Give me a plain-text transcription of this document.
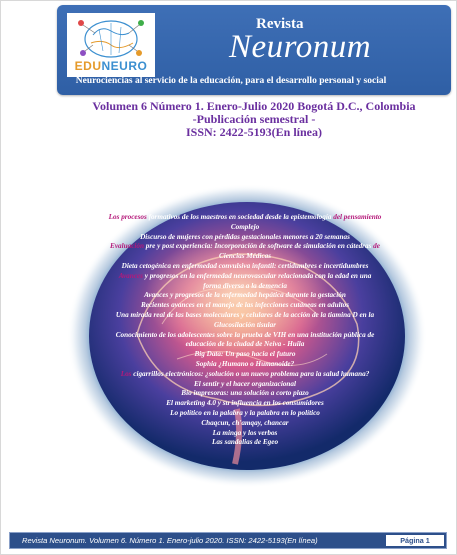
EDUNEURO
Revista
Neuronum
Neurociencias al servicio de la educación, para el desarrollo personal y social
Volumen 6 Número 1. Enero-Julio 2020 Bogotá D.C., Colombia
-Publicación semestral -
ISSN: 2422-5193(En línea)
Los procesos formativos de los maestros en sociedad desde la epistemología del pensamiento
Complejo
Discurso de mujeres con pérdidas gestacionales menores a 20 semanas
Evaluación pre y post experiencia: Incorporación de software de simulación en cátedras de
Ciencias Médicas
Dieta cetogénica en enfermedad convulsiva infantil: certidumbres e incertidumbres
Avances y progresos en la enfermedad neurovascular relacionada con la edad en una
forma diversa a la demencia
Avances y progresos de la enfermedad hepática durante la gestación
Recientes avances en el manejo de las infecciones cutáneas en adultos
Una mirada real de las bases moleculares y celulares de la acción de la tiamina D en la
Glucosilación tisular
Conocimiento de los adolescentes sobre la prueba de VIH en una institución pública de
educación de la ciudad de Neiva - Huila
Big Data: Un paso hacia el futuro
Sophia ¿Humano o Humanoide?
Los cigarrillos electrónicos: ¿solución o un nuevo problema para la salud humana?
El sentir y el hacer organizacional
Bio impresoras: una solución a corto plazo
El marketing 4.0 y su influencia en los consumidores
Lo político en la palabra y la palabra en lo político
Chaqcun, ch'amqay, chancar
La minga y los verbos
Las sandalias de Egeo
Revista Neuronum. Volumen 6. Número 1. Enero-julio 2020. ISSN: 2422-5193(En línea)	Página 1
